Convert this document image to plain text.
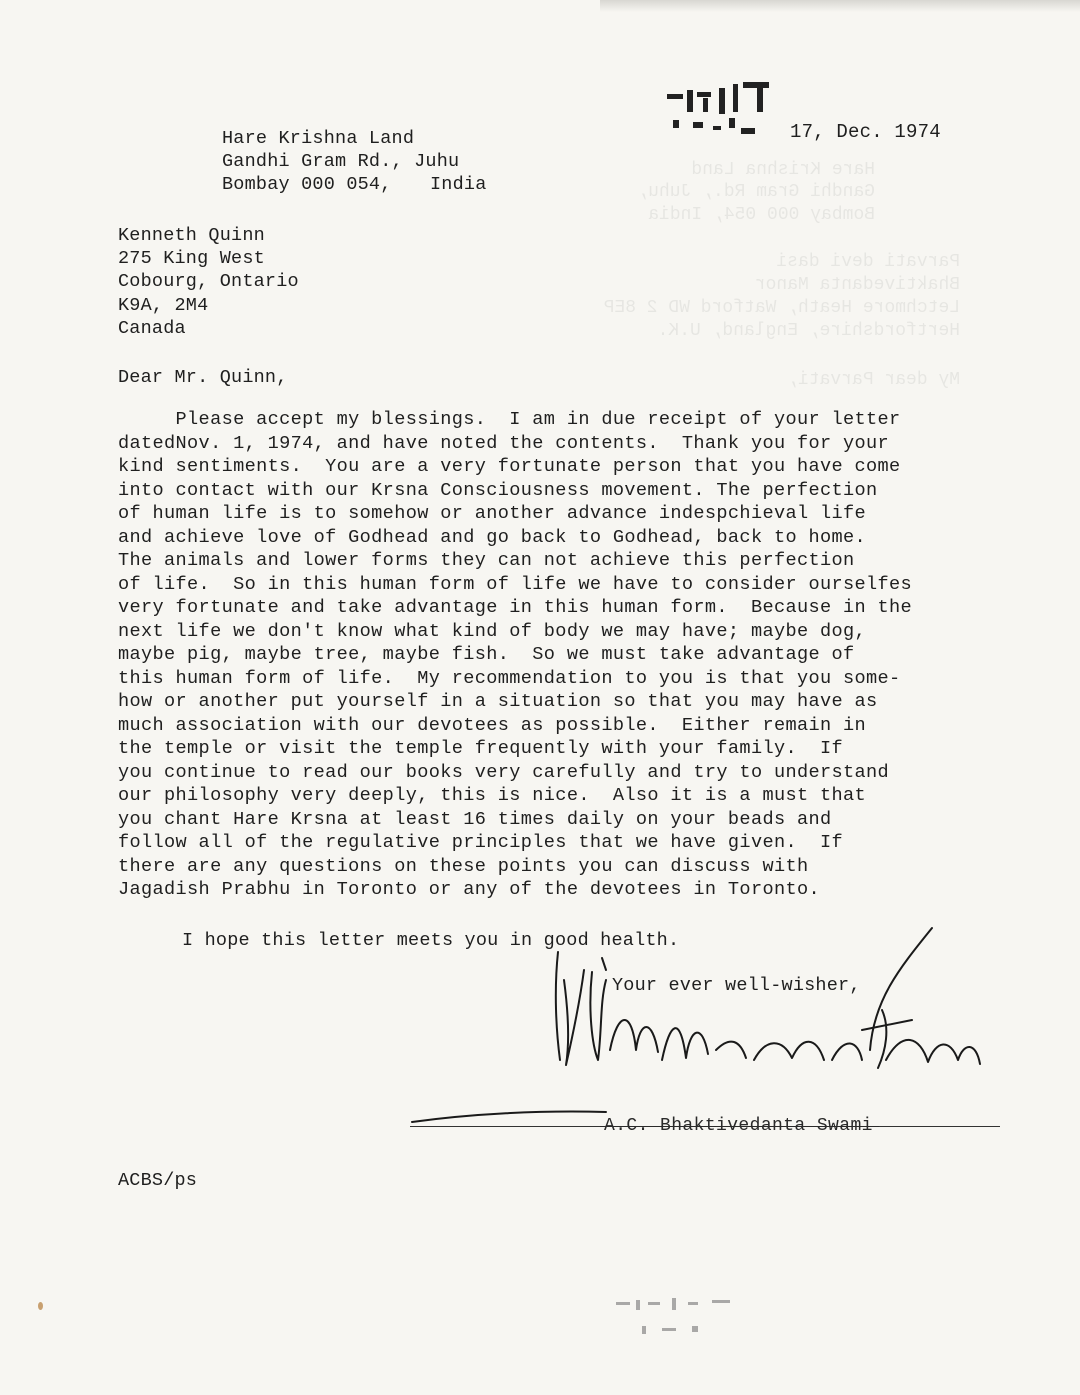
Hare Krishna Land
Gandhi Gram Rd., Juhu,
Bombay 000 054, India
Parvati devi dasi
Bhaktivedanta Manor
Letchmore Heath, Watford WD 2 8EP
Hertfordshire, England, U.K.
My dear Parvati,
17, Dec. 1974
Hare Krishna Land
Gandhi Gram Rd., Juhu
Bombay 000 054, India
Kenneth Quinn
275 King West
Cobourg, Ontario
K9A, 2M4
Canada
Dear Mr. Quinn,
Please accept my blessings.  I am in due receipt of your letter
datedNov. 1, 1974, and have noted the contents.  Thank you for your
kind sentiments.  You are a very fortunate person that you have come
into contact with our Krsna Consciousness movement. The perfection
of human life is to somehow or another advance indespchieval life
and achieve love of Godhead and go back to Godhead, back to home.
The animals and lower forms they can not achieve this perfection
of life.  So in this human form of life we have to consider ourselfes
very fortunate and take advantage in this human form.  Because in the
next life we don't know what kind of body we may have; maybe dog,
maybe pig, maybe tree, maybe fish.  So we must take advantage of
this human form of life.  My recommendation to you is that you some-
how or another put yourself in a situation so that you may have as
much association with our devotees as possible.  Either remain in
the temple or visit the temple frequently with your family.  If
you continue to read our books very carefully and try to understand
our philosophy very deeply, this is nice.  Also it is a must that
you chant Hare Krsna at least 16 times daily on your beads and
follow all of the regulative principles that we have given.  If
there are any questions on these points you can discuss with
Jagadish Prabhu in Toronto or any of the devotees in Toronto.
I hope this letter meets you in good health.
Your ever well-wisher,
A.C. Bhaktivedanta Swami
ACBS/ps
